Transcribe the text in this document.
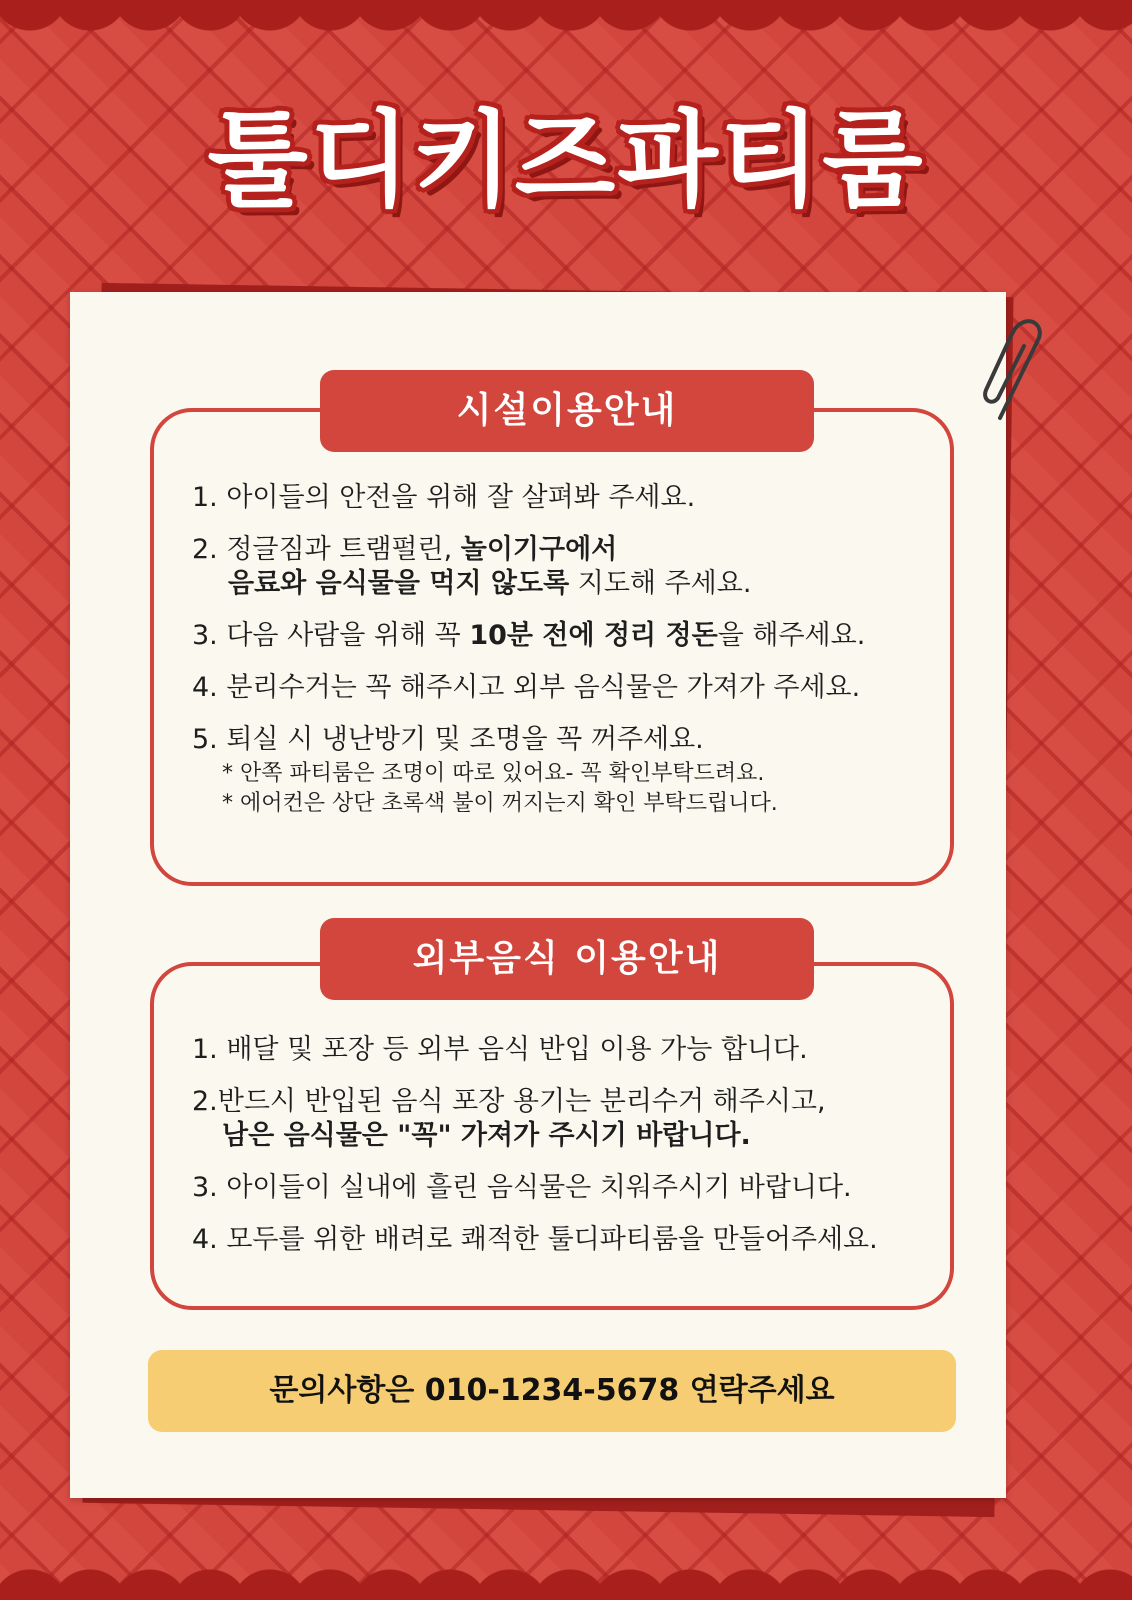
툴디키즈파티룸
시설이용안내
1. 아이들의 안전을 위해 잘 살펴봐 주세요.
2. 정글짐과 트램펄린, 놀이기구에서
음료와 음식물을 먹지 않도록 지도해 주세요.
3. 다음 사람을 위해 꼭 10분 전에 정리 정돈을 해주세요.
4. 분리수거는 꼭 해주시고 외부 음식물은 가져가 주세요.
5. 퇴실 시 냉난방기 및 조명을 꼭 꺼주세요.
* 안쪽 파티룸은 조명이 따로 있어요- 꼭 확인부탁드려요.
* 에어컨은 상단 초록색 불이 꺼지는지 확인 부탁드립니다.
외부음식 이용안내
1. 배달 및 포장 등 외부 음식 반입 이용 가능 합니다.
2.반드시 반입된 음식 포장 용기는 분리수거 해주시고,
남은 음식물은 "꼭" 가져가 주시기 바랍니다.
3. 아이들이 실내에 흘린 음식물은 치워주시기 바랍니다.
4. 모두를 위한 배려로 쾌적한 툴디파티룸을 만들어주세요.
문의사항은 010-1234-5678 연락주세요
